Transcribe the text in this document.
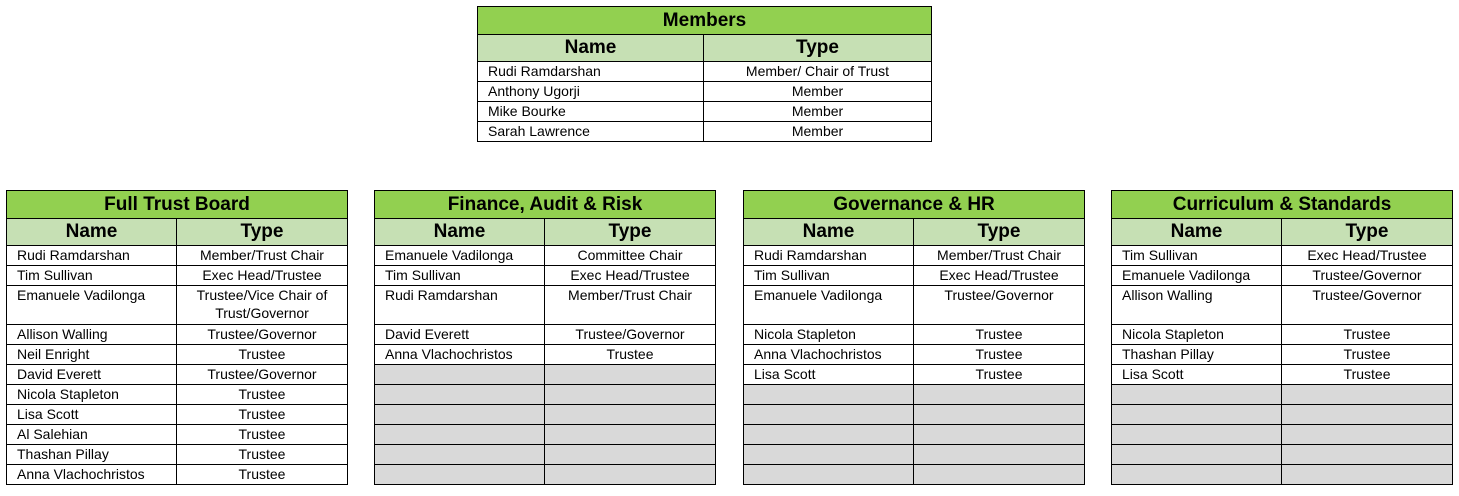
Members	
Name	Type
Rudi Ramdarshan	Member/ Chair of Trust
Anthony Ugorji	Member
Mike Bourke	Member
Sarah Lawrence	Member
Full Trust Board	
Name	Type
Rudi Ramdarshan	Member/Trust Chair
Tim Sullivan	Exec Head/Trustee
Emanuele Vadilonga	Trustee/Vice Chair of Trust/Governor
Allison Walling	Trustee/Governor
Neil Enright	Trustee
David Everett	Trustee/Governor
Nicola Stapleton	Trustee
Lisa Scott	Trustee
Al Salehian	Trustee
Thashan Pillay	Trustee
Anna Vlachochristos	Trustee
Finance, Audit & Risk	
Name	Type
Emanuele Vadilonga	Committee Chair
Tim Sullivan	Exec Head/Trustee
Rudi Ramdarshan	Member/Trust Chair
David Everett	Trustee/Governor
Anna Vlachochristos	Trustee

Governance & HR	
Name	Type
Rudi Ramdarshan	Member/Trust Chair
Tim Sullivan	Exec Head/Trustee
Emanuele Vadilonga	Trustee/Governor
Nicola Stapleton	Trustee
Anna Vlachochristos	Trustee
Lisa Scott	Trustee

Curriculum & Standards	
Name	Type
Tim Sullivan	Exec Head/Trustee
Emanuele Vadilonga	Trustee/Governor
Allison Walling	Trustee/Governor
Nicola Stapleton	Trustee
Thashan Pillay	Trustee
Lisa Scott	Trustee
